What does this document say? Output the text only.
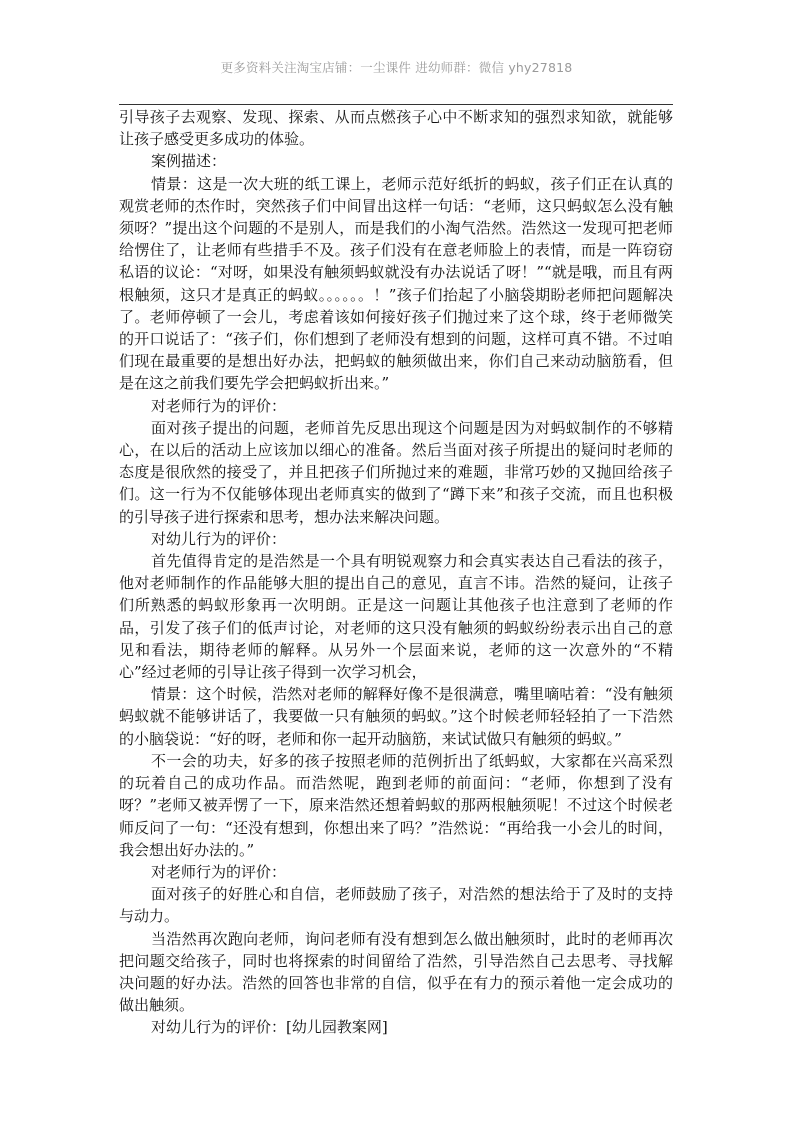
更多资料关注淘宝店铺：一尘课件 进幼师群：微信 yhy27818

引导孩子去观察、发现、探索、从而点燃孩子心中不断求知的强烈求知欲，就能够让孩子感受更多成功的体验。

案例描述：

情景：这是一次大班的纸工课上，老师示范好纸折的蚂蚁，孩子们正在认真的观赏老师的杰作时，突然孩子们中间冒出这样一句话：“老师，这只蚂蚁怎么没有触须呀？”提出这个问题的不是别人，而是我们的小淘气浩然。浩然这一发现可把老师给愣住了，让老师有些措手不及。孩子们没有在意老师脸上的表情，而是一阵窃窃私语的议论：“对呀，如果没有触须蚂蚁就没有办法说话了呀！”“就是哦，而且有两根触须，这只才是真正的蚂蚁。。。。。。！”孩子们抬起了小脑袋期盼老师把问题解决了。老师停顿了一会儿，考虑着该如何接好孩子们抛过来了这个球，终于老师微笑的开口说话了：“孩子们，你们想到了老师没有想到的问题，这样可真不错。不过咱们现在最重要的是想出好办法，把蚂蚁的触须做出来，你们自己来动动脑筋看，但是在这之前我们要先学会把蚂蚁折出来。”

对老师行为的评价：

面对孩子提出的问题，老师首先反思出现这个问题是因为对蚂蚁制作的不够精心，在以后的活动上应该加以细心的准备。然后当面对孩子所提出的疑问时老师的态度是很欣然的接受了，并且把孩子们所抛过来的难题，非常巧妙的又抛回给孩子们。这一行为不仅能够体现出老师真实的做到了“蹲下来”和孩子交流，而且也积极的引导孩子进行探索和思考，想办法来解决问题。

对幼儿行为的评价：

首先值得肯定的是浩然是一个具有明锐观察力和会真实表达自己看法的孩子，他对老师制作的作品能够大胆的提出自己的意见，直言不讳。浩然的疑问，让孩子们所熟悉的蚂蚁形象再一次明朗。正是这一问题让其他孩子也注意到了老师的作品，引发了孩子们的低声讨论，对老师的这只没有触须的蚂蚁纷纷表示出自己的意见和看法，期待老师的解释。从另外一个层面来说，老师的这一次意外的“不精心”经过老师的引导让孩子得到一次学习机会，

情景：这个时候，浩然对老师的解释好像不是很满意，嘴里嘀咕着：“没有触须蚂蚁就不能够讲话了，我要做一只有触须的蚂蚁。”这个时候老师轻轻拍了一下浩然的小脑袋说：“好的呀，老师和你一起开动脑筋，来试试做只有触须的蚂蚁。”

不一会的功夫，好多的孩子按照老师的范例折出了纸蚂蚁，大家都在兴高采烈的玩着自己的成功作品。而浩然呢，跑到老师的前面问：“老师，你想到了没有呀？”老师又被弄愣了一下，原来浩然还想着蚂蚁的那两根触须呢！不过这个时候老师反问了一句：“还没有想到，你想出来了吗？”浩然说：“再给我一小会儿的时间，我会想出好办法的。”

对老师行为的评价：

面对孩子的好胜心和自信，老师鼓励了孩子，对浩然的想法给于了及时的支持与动力。

当浩然再次跑向老师，询问老师有没有想到怎么做出触须时，此时的老师再次把问题交给孩子，同时也将探索的时间留给了浩然，引导浩然自己去思考、寻找解决问题的好办法。浩然的回答也非常的自信，似乎在有力的预示着他一定会成功的做出触须。

对幼儿行为的评价：[幼儿园教案网]
